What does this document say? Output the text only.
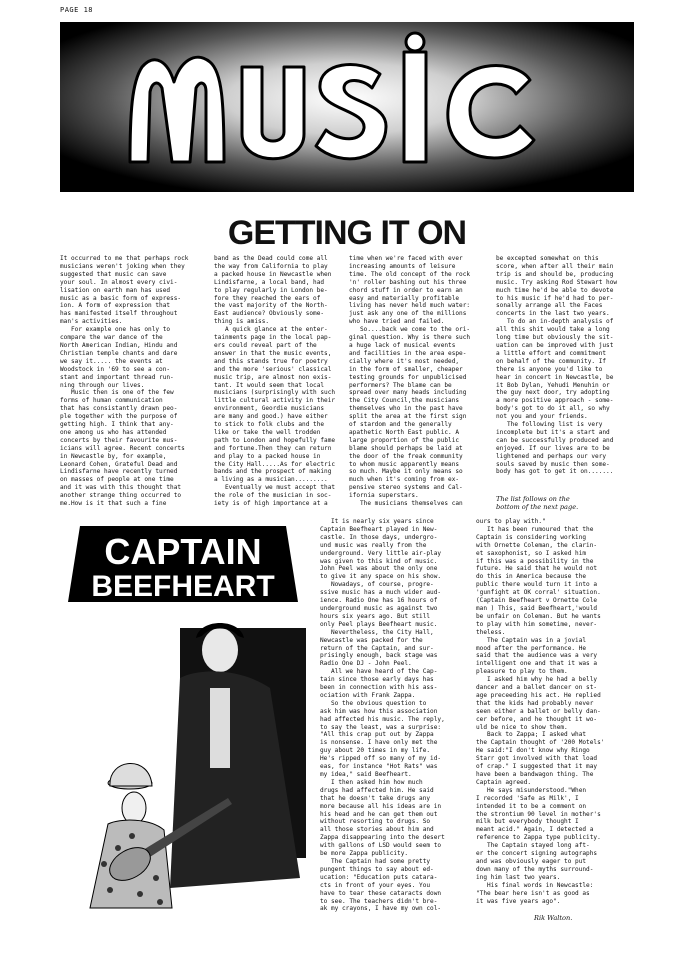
PAGE 18
GETTING IT ON
It occurred to me that perhaps rock
musicians weren't joking when they
suggested that music can save
your soul. In almost every civi-
lisation on earth man has used
music as a basic form of express-
ion. A form of expression that
has manifested itself throughout
man's activities.
For example one has only to
compare the war dance of the
North American Indian, Hindu and
Christian temple chants and dare
we say it..... the events at
Woodstock in '69 to see a con-
stant and important thread run-
ning through our lives.
Music then is one of the few
forms of human communication
that has consistantly drawn peo-
ple together with the purpose of
getting high. I think that any-
one among us who has attended
concerts by their favourite mus-
icians will agree. Recent concerts
in Newcastle by, for example,
Leonard Cohen, Grateful Dead and
Lindisfarne have recently turned
on masses of people at one time
and it was with this thought that
another strange thing occurred to
me.How is it that such a fine
band as the Dead could come all
the way from California to play
a packed house in Newcastle when
Lindisfarne, a local band, had
to play regularly in London be-
fore they reached the ears of
the vast majority of the North-
East audience? Obviously some-
thing is amiss.
A quick glance at the enter-
tainments page in the local pap-
ers could reveal part of the
answer in that the music events,
and this stands true for poetry
and the more 'serious' classical
music trip, are almost non exis-
tant. It would seem that local
musicians (surprisingly with such
little cultural activity in their
environment, Geordie musicians
are many and good.) have either
to stick to folk clubs and the
like or take the well trodden
path to London and hopefully fame
and fortune.Then they can return
and play to a packed house in
the City Hall.....As for electric
bands and the prospect of making
a living as a musician.........
Eventually we must accept that
the role of the musician in soc-
iety is of high importance at a
time when we're faced with ever
increasing amounts of leisure
time. The old concept of the rock
'n' roller bashing out his three
chord stuff in order to earn an
easy and materially profitable
living has never held much water:
just ask any one of the millions
who have tried and failed.
So....back we come to the ori-
ginal question. Why is there such
a huge lack of musical events
and facilities in the area espe-
cially where it's most needed,
in the form of smaller, cheaper
testing grounds for unpublicised
performers? The blame can be
spread over many heads including
the City Council,the musicians
themselves who in the past have
split the area at the first sign
of stardom and the generally
apathetic North East public. A
large proportion of the public
blame should perhaps be laid at
the door of the freak community
to whom music apparently means
so much. Maybe it only means so
much when it's coming from ex-
pensive stereo systems and Cal-
ifornia superstars.
The musicians themselves can
be excepted somewhat on this
score, when after all their main
trip is and should be, producing
music. Try asking Rod Stewart how
much time he'd be able to devote
to his music if he'd had to per-
sonally arrange all the Faces
concerts in the last two years.
To do an in-depth analysis of
all this shit would take a long
long time but obviously the sit-
uation can be improved with just
a little effort and commitment
on behalf of the community. If
there is anyone you'd like to
hear in concert in Newcastle, be
it Bob Dylan, Yehudi Menuhin or
the guy next door, try adopting
a more positive approach - some-
body's got to do it all, so why
not you and your friends.
The following list is very
incomplete but it's a start and
can be successfully produced and
enjoyed. If our lives are to be
lightened and perhaps our very
souls saved by music then some-
body has got to get it on.......
The list follows on the
bottom of the next page.
CAPTAIN
BEEFHEART
It is nearly six years since
Captain Beefheart played in New-
castle. In those days, undergro-
und music was really from the
underground. Very little air-play
was given to this kind of music.
John Peel was about the only one
to give it any space on his show.
Nowadays, of course, progre-
ssive music has a much wider aud-
ience. Radio One has 16 hours of
underground music as against two
hours six years ago. But still
only Peel plays Beefheart music.
Nevertheless, the City Hall,
Newcastle was packed for the
return of the Captain, and sur-
prisingly enough, back stage was
Radio One DJ - John Peel.
All we have heard of the Cap-
tain since those early days has
been in connection with his ass-
ociation with Frank Zappa.
So the obvious question to
ask him was how this association
had affected his music. The reply,
to say the least, was a surprise:
"All this crap put out by Zappa
is nonsense. I have only met the
guy about 20 times in my life.
He's ripped off so many of my id-
eas, for instance "Hot Rats" was
my idea," said Beefheart.
I then asked him how much
drugs had affected him. He said
that he doesn't take drugs any
more because all his ideas are in
his head and he can get them out
without resorting to drugs. So
all those stories about him and
Zappa disappearing into the desert
with gallons of LSD would seem to
be more Zappa publicity.
The Captain had some pretty
pungent things to say about ed-
ucation: "Education puts catara-
cts in front of your eyes. You
have to tear these cataracts down
to see. The teachers didn't bre-
ak my crayons, I have my own col-
ours to play with."
It has been rumoured that the
Captain is considering working
with Ornette Coleman, the clarin-
et saxophonist, so I asked him
if this was a possibility in the
future. He said that he would not
do this in America because the
public there would turn it into a
'gunfight at OK corral' situation.
(Captain Beefheart v Ornette Cole
man ) This, said Beefheart,'would
be unfair on Coleman. But he wants
to play with him sometime, never-
theless.
The Captain was in a jovial
mood after the performance. He
said that the audience was a very
intelligent one and that it was a
pleasure to play to them.
I asked him why he had a belly
dancer and a ballet dancer on st-
age preceeding his act. He replied
that the kids had probably never
seen either a ballet or belly dan-
cer before, and he thought it wo-
uld be nice to show them.
Back to Zappa; I asked what
the Captain thought of '200 Motels'
He said:"I don't know why Ringo
Starr got involved with that load
of crap." I suggested that it may
have been a bandwagon thing. The
Captain agreed.
He says misunderstood."When
I recorded 'Safe as Milk', I
intended it to be a comment on
the strontium 90 level in mother's
milk but everybody thought I
meant acid." Again, I detected a
reference to Zappa type publicity.
The Captain stayed long aft-
er the concert signing autographs
and was obviously eager to put
down many of the myths surround-
ing him last two years.
His final words in Newcastle:
"The bear here isn't as good as
it was five years ago".
Rik Walton.
